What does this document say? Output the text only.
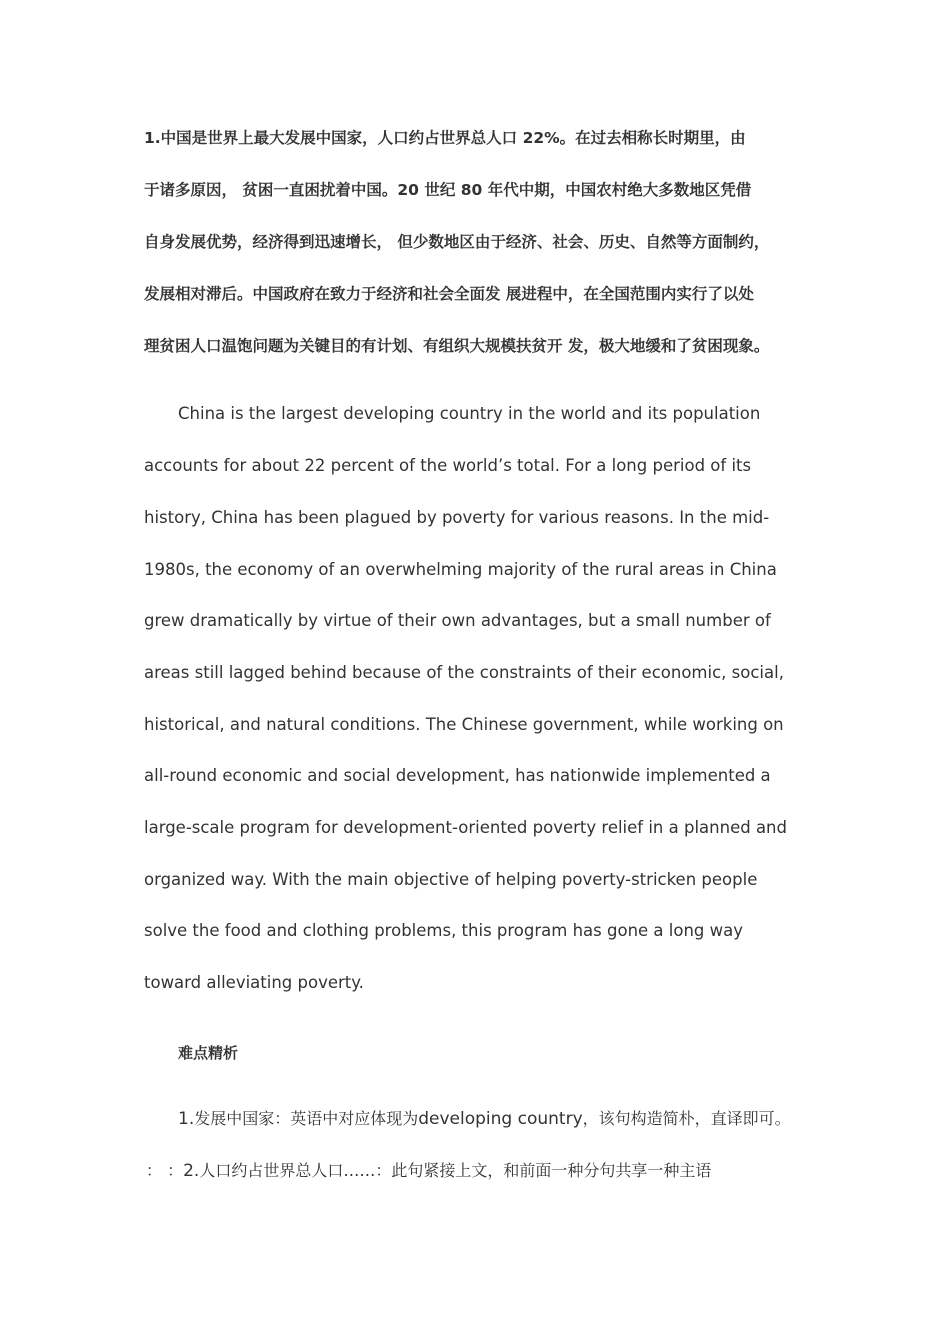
1.中国是世界上最大发展中国家，人口约占世界总人口 22%。在过去相称长时期里，由
于诸多原因， 贫困一直困扰着中国。20 世纪 80 年代中期，中国农村绝大多数地区凭借
自身发展优势，经济得到迅速增长， 但少数地区由于经济、社会、历史、自然等方面制约，
发展相对滞后。中国政府在致力于经济和社会全面发 展进程中，在全国范围内实行了以处
理贫困人口温饱问题为关键目的有计划、有组织大规模扶贫开 发，极大地缓和了贫困现象。
China is the largest developing country in the world and its population
accounts for about 22 percent of the world’s total. For a long period of its
history, China has been plagued by poverty for various reasons. In the mid-
1980s, the economy of an overwhelming majority of the rural areas in China
grew dramatically by virtue of their own advantages, but a small number of
areas still lagged behind because of the constraints of their economic, social,
historical, and natural conditions. The Chinese government, while working on
all-round economic and social development, has nationwide implemented a
large-scale program for development-oriented poverty relief in a planned and
organized way. With the main objective of helping poverty-stricken people
solve the food and clothing problems, this program has gone a long way
toward alleviating poverty.
难点精析
1.发展中国家：英语中对应体现为developing country，该句构造简朴，直译即可。
： ：2.人口约占世界总人口……：此句紧接上文，和前面一种分句共享一种主语
